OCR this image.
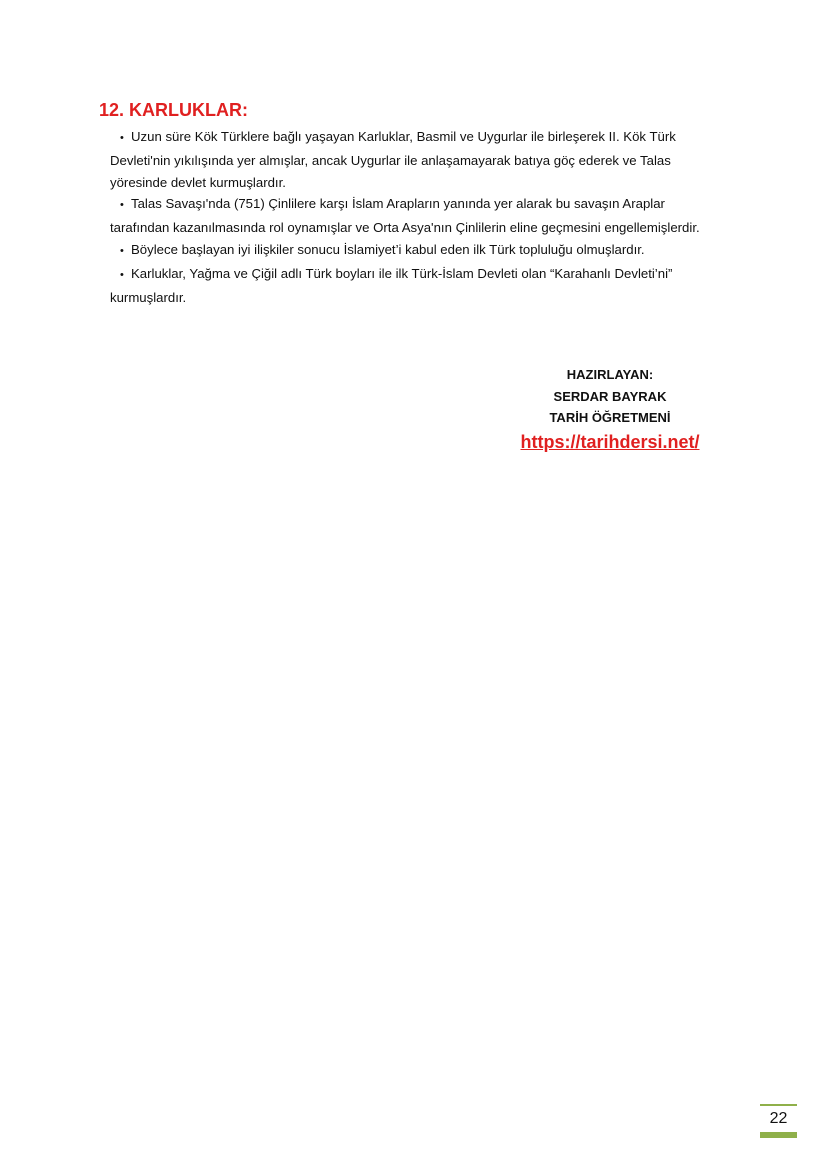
12. KARLUKLAR:

• Uzun süre Kök Türklere bağlı yaşayan Karluklar, Basmil ve Uygurlar ile birleşerek II. Kök Türk Devleti'nin yıkılışında yer almışlar, ancak Uygurlar ile anlaşamayarak batıya göç ederek ve Talas yöresinde devlet kurmuşlardır.

• Talas Savaşı'nda (751) Çinlilere karşı İslam Arapların yanında yer alarak bu savaşın Araplar tarafından kazanılmasında rol oynamışlar ve Orta Asya'nın Çinlilerin eline geçmesini engellemişlerdir.

• Böylece başlayan iyi ilişkiler sonucu İslamiyet’i kabul eden ilk Türk topluluğu olmuşlardır.

• Karluklar, Yağma ve Çiğil adlı Türk boyları ile ilk Türk-İslam Devleti olan “Karahanlı Devleti’ni” kurmuşlardır.

HAZIRLAYAN:
SERDAR BAYRAK
TARİH ÖĞRETMENİ
https://tarihdersi.net/
22
